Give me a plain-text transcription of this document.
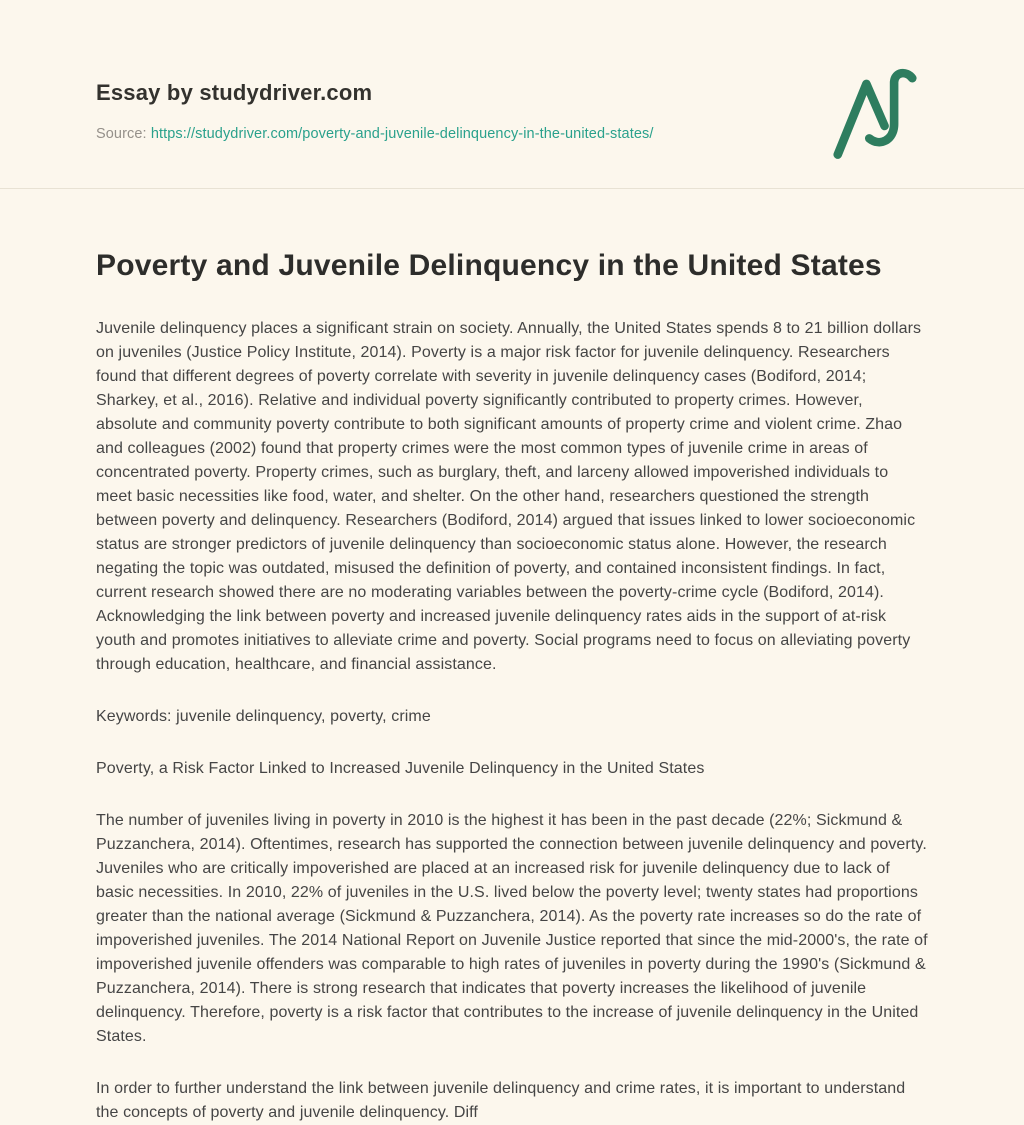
Essay by studydriver.com
Source: https://studydriver.com/poverty-and-juvenile-delinquency-in-the-united-states/
Poverty and Juvenile Delinquency in the United States

Juvenile delinquency places a significant strain on society. Annually, the United States spends 8 to 21 billion dollars on juveniles (Justice Policy Institute, 2014). Poverty is a major risk factor for juvenile delinquency. Researchers found that different degrees of poverty correlate with severity in juvenile delinquency cases (Bodiford, 2014; Sharkey, et al., 2016). Relative and individual poverty significantly contributed to property crimes. However, absolute and community poverty contribute to both significant amounts of property crime and violent crime. Zhao and colleagues (2002) found that property crimes were the most common types of juvenile crime in areas of concentrated poverty. Property crimes, such as burglary, theft, and larceny allowed impoverished individuals to meet basic necessities like food, water, and shelter. On the other hand, researchers questioned the strength between poverty and delinquency. Researchers (Bodiford, 2014) argued that issues linked to lower socioeconomic status are stronger predictors of juvenile delinquency than socioeconomic status alone. However, the research negating the topic was outdated, misused the definition of poverty, and contained inconsistent findings. In fact, current research showed there are no moderating variables between the poverty-crime cycle (Bodiford, 2014). Acknowledging the link between poverty and increased juvenile delinquency rates aids in the support of at-risk youth and promotes initiatives to alleviate crime and poverty. Social programs need to focus on alleviating poverty through education, healthcare, and financial assistance.

Keywords: juvenile delinquency, poverty, crime

Poverty, a Risk Factor Linked to Increased Juvenile Delinquency in the United States

The number of juveniles living in poverty in 2010 is the highest it has been in the past decade (22%; Sickmund & Puzzanchera, 2014). Oftentimes, research has supported the connection between juvenile delinquency and poverty. Juveniles who are critically impoverished are placed at an increased risk for juvenile delinquency due to lack of basic necessities. In 2010, 22% of juveniles in the U.S. lived below the poverty level; twenty states had proportions greater than the national average (Sickmund & Puzzanchera, 2014). As the poverty rate increases so do the rate of impoverished juveniles. The 2014 National Report on Juvenile Justice reported that since the mid-2000's, the rate of impoverished juvenile offenders was comparable to high rates of juveniles in poverty during the 1990's (Sickmund & Puzzanchera, 2014). There is strong research that indicates that poverty increases the likelihood of juvenile delinquency. Therefore, poverty is a risk factor that contributes to the increase of juvenile delinquency in the United States.

In order to further understand the link between juvenile delinquency and crime rates, it is important to understand the concepts of poverty and juvenile delinquency. Diff
